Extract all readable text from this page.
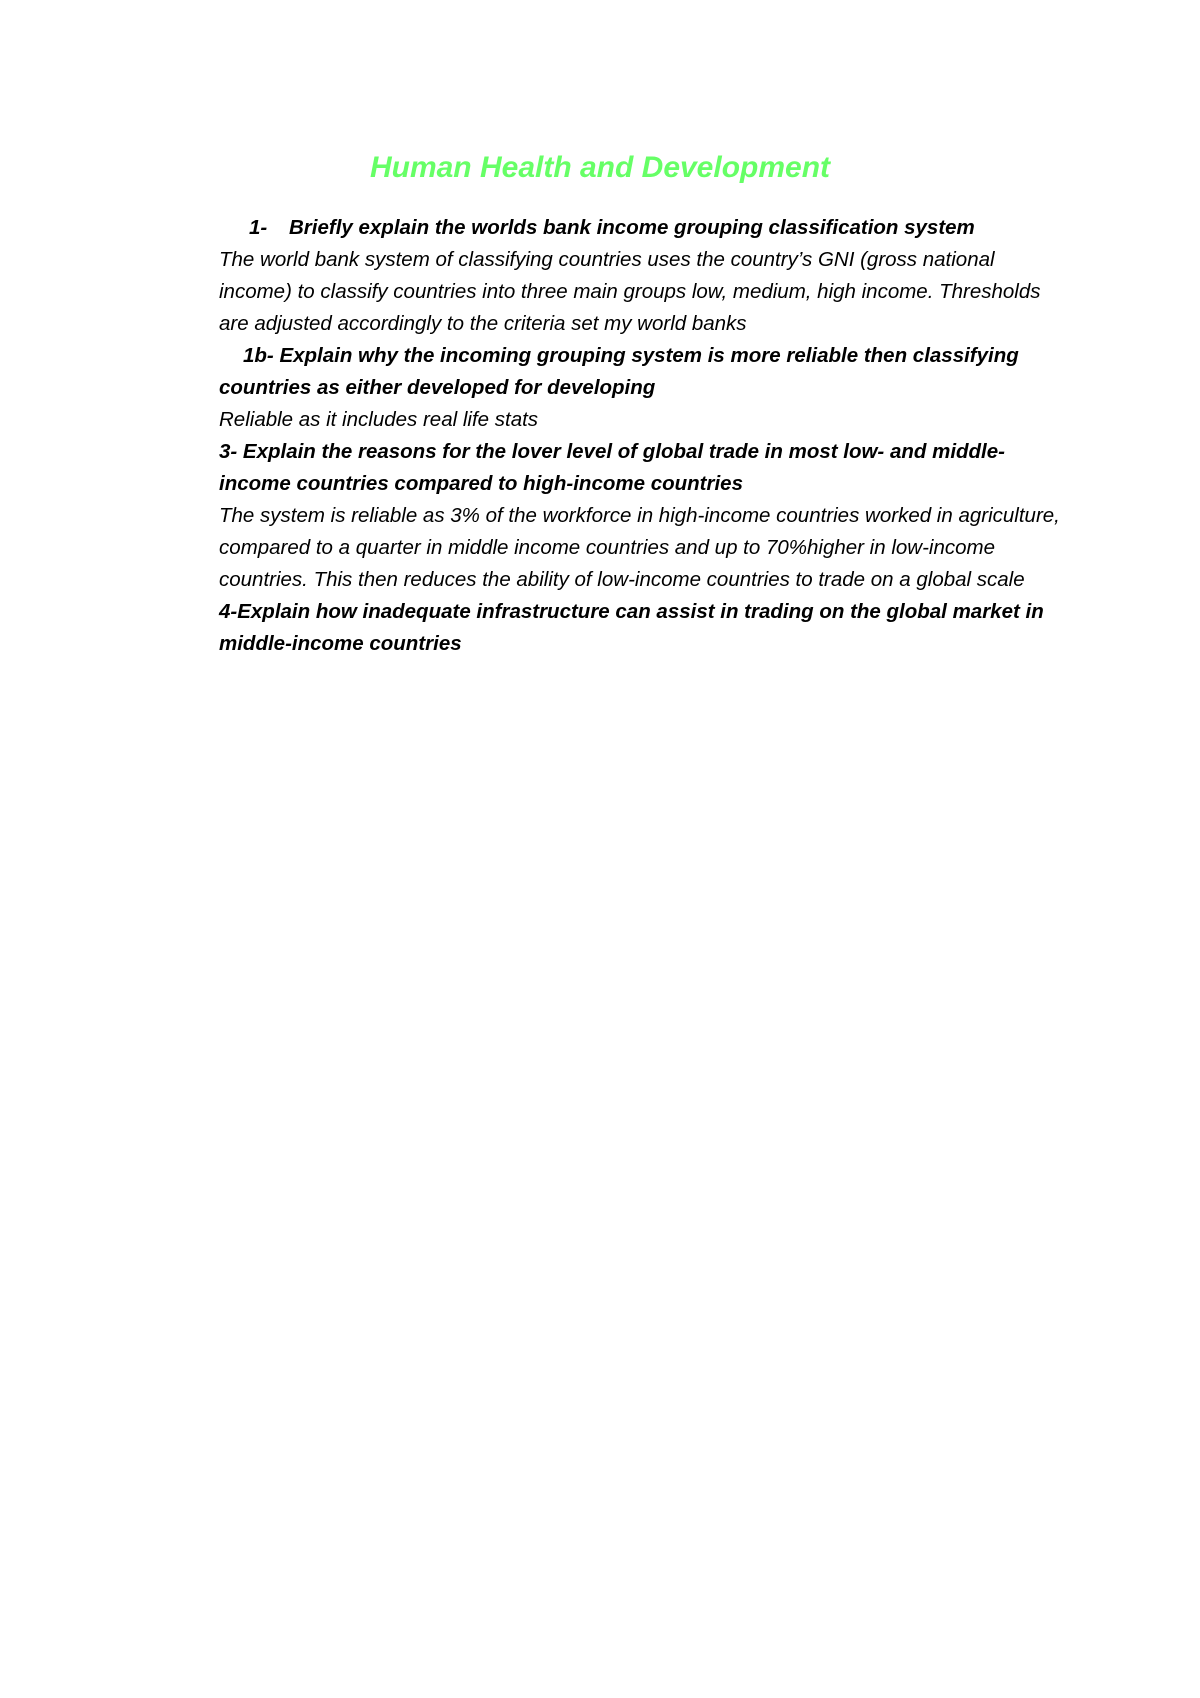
Human Health and Development
1- Briefly explain the worlds bank income grouping classification system
The world bank system of classifying countries uses the country’s GNI (gross national income) to classify countries into three main groups low, medium, high income. Thresholds are adjusted accordingly to the criteria set my world banks
1b- Explain why the incoming grouping system is more reliable then classifying countries as either developed for developing
Reliable as it includes real life stats
3- Explain the reasons for the lover level of global trade in most low- and middle-income countries compared to high-income countries
The system is reliable as 3% of the workforce in high-income countries worked in agriculture, compared to a quarter in middle income countries and up to 70%higher in low-income countries. This then reduces the ability of low-income countries to trade on a global scale
4-Explain how inadequate infrastructure can assist in trading on the global market in middle-income countries
